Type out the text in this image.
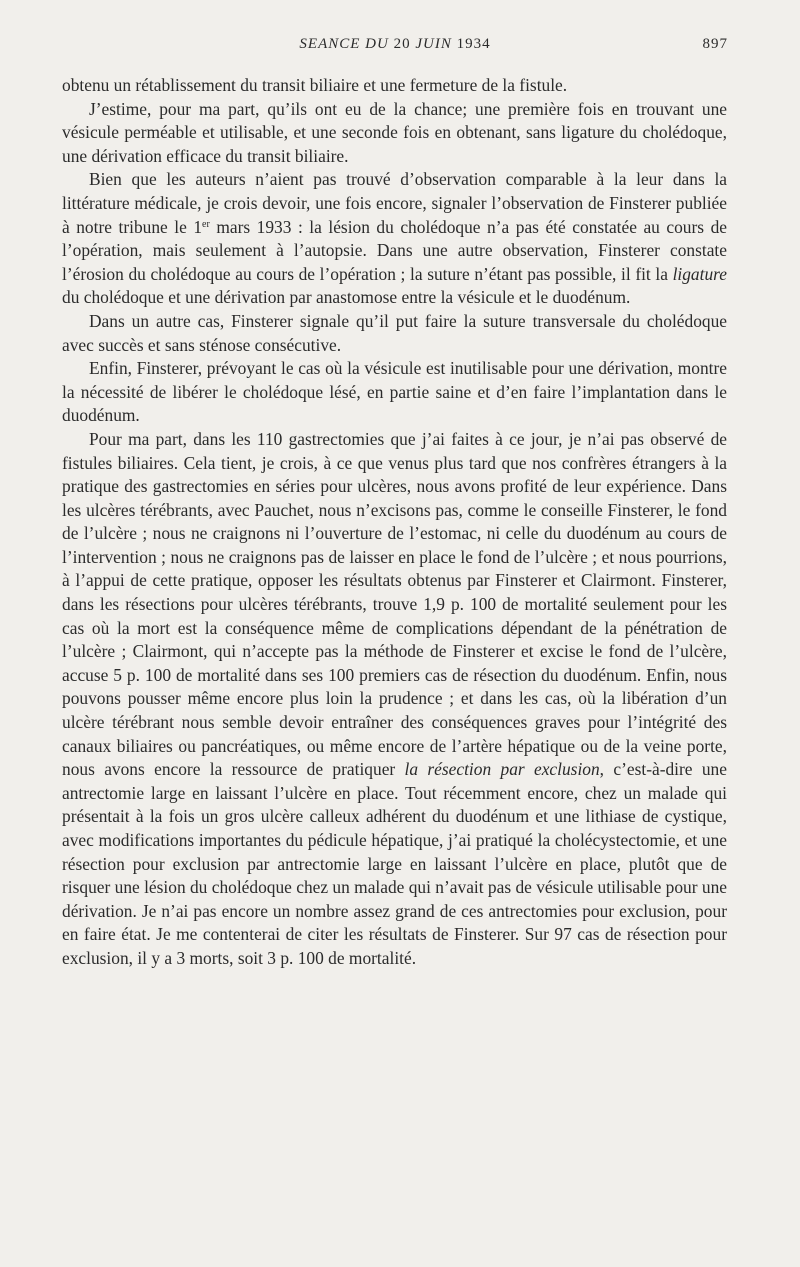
SEANCE DU 20 JUIN 1934	897

obtenu un rétablissement du transit biliaire et une fermeture de la fistule.

J’estime, pour ma part, qu’ils ont eu de la chance; une première fois en trouvant une vésicule perméable et utilisable, et une seconde fois en obtenant, sans ligature du cholédoque, une dérivation efficace du transit biliaire.

Bien que les auteurs n’aient pas trouvé d’observation comparable à la leur dans la littérature médicale, je crois devoir, une fois encore, signaler l’observation de Finsterer publiée à notre tribune le 1er mars 1933 : la lésion du cholédoque n’a pas été constatée au cours de l’opération, mais seulement à l’autopsie. Dans une autre observation, Finsterer constate l’érosion du cholédoque au cours de l’opération ; la suture n’étant pas possible, il fit la ligature du cholédoque et une dérivation par anastomose entre la vésicule et le duodénum.

Dans un autre cas, Finsterer signale qu’il put faire la suture transversale du cholédoque avec succès et sans sténose consécutive.

Enfin, Finsterer, prévoyant le cas où la vésicule est inutilisable pour une dérivation, montre la nécessité de libérer le cholédoque lésé, en partie saine et d’en faire l’implantation dans le duodénum.

Pour ma part, dans les 110 gastrectomies que j’ai faites à ce jour, je n’ai pas observé de fistules biliaires. Cela tient, je crois, à ce que venus plus tard que nos confrères étrangers à la pratique des gastrectomies en séries pour ulcères, nous avons profité de leur expérience. Dans les ulcères térébrants, avec Pauchet, nous n’excisons pas, comme le conseille Finsterer, le fond de l’ulcère ; nous ne craignons ni l’ouverture de l’estomac, ni celle du duodénum au cours de l’intervention ; nous ne craignons pas de laisser en place le fond de l’ulcère ; et nous pourrions, à l’appui de cette pratique, opposer les résultats obtenus par Finsterer et Clairmont. Finsterer, dans les résections pour ulcères térébrants, trouve 1,9 p. 100 de mortalité seulement pour les cas où la mort est la conséquence même de complications dépendant de la pénétration de l’ulcère ; Clairmont, qui n’accepte pas la méthode de Finsterer et excise le fond de l’ulcère, accuse 5 p. 100 de mortalité dans ses 100 premiers cas de résection du duodénum. Enfin, nous pouvons pousser même encore plus loin la prudence ; et dans les cas, où la libération d’un ulcère térébrant nous semble devoir entraîner des conséquences graves pour l’intégrité des canaux biliaires ou pancréatiques, ou même encore de l’artère hépatique ou de la veine porte, nous avons encore la ressource de pratiquer la résection par exclusion, c’est-à-dire une antrectomie large en laissant l’ulcère en place. Tout récemment encore, chez un malade qui présentait à la fois un gros ulcère calleux adhérent du duodénum et une lithiase de cystique, avec modifications importantes du pédicule hépatique, j’ai pratiqué la cholécystectomie, et une résection pour exclusion par antrectomie large en laissant l’ulcère en place, plutôt que de risquer une lésion du cholédoque chez un malade qui n’avait pas de vésicule utilisable pour une dérivation. Je n’ai pas encore un nombre assez grand de ces antrectomies pour exclusion, pour en faire état. Je me contenterai de citer les résultats de Finsterer. Sur 97 cas de résection pour exclusion, il y a 3 morts, soit 3 p. 100 de mortalité.
